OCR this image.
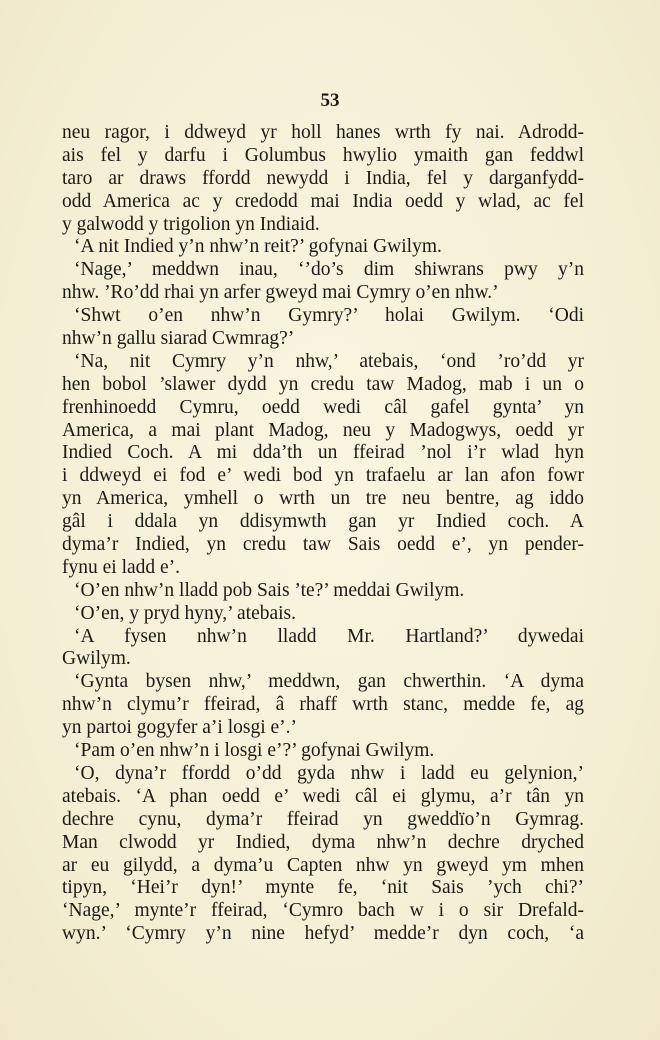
53
neu ragor, i ddweyd yr holl hanes wrth fy nai. Adrodd-
ais fel y darfu i Golumbus hwylio ymaith gan feddwl
taro ar draws ffordd newydd i India, fel y darganfydd-
odd America ac y credodd mai India oedd y wlad, ac fel
y galwodd y trigolion yn Indiaid.
‘A nit Indied y’n nhw’n reit?’ gofynai Gwilym.
‘Nage,’ meddwn inau, ‘’do’s dim shiwrans pwy y’n
nhw. ’Ro’dd rhai yn arfer gweyd mai Cymry o’en nhw.’
‘Shwt o’en nhw’n Gymry?’ holai Gwilym. ‘Odi
nhw’n gallu siarad Cwmrag?’
‘Na, nit Cymry y’n nhw,’ atebais, ‘ond ’ro’dd yr
hen bobol ’slawer dydd yn credu taw Madog, mab i un o
frenhinoedd Cymru, oedd wedi câl gafel gynta’ yn
America, a mai plant Madog, neu y Madogwys, oedd yr
Indied Coch. A mi dda’th un ffeirad ’nol i’r wlad hyn
i ddweyd ei fod e’ wedi bod yn trafaelu ar lan afon fowr
yn America, ymhell o wrth un tre neu bentre, ag iddo
gâl i ddala yn ddisymwth gan yr Indied coch. A
dyma’r Indied, yn credu taw Sais oedd e’, yn pender-
fynu ei ladd e’.
‘O’en nhw’n lladd pob Sais ’te?’ meddai Gwilym.
‘O’en, y pryd hyny,’ atebais.
‘A fysen nhw’n lladd Mr. Hartland?’ dywedai
Gwilym.
‘Gynta bysen nhw,’ meddwn, gan chwerthin. ‘A dyma
nhw’n clymu’r ffeirad, â rhaff wrth stanc, medde fe, ag
yn partoi gogyfer a’i losgi e’.’
‘Pam o’en nhw’n i losgi e’?’ gofynai Gwilym.
‘O, dyna’r ffordd o’dd gyda nhw i ladd eu gelynion,’
atebais. ‘A phan oedd e’ wedi câl ei glymu, a’r tân yn
dechre cynu, dyma’r ffeirad yn gweddïo’n Gymrag.
Man clwodd yr Indied, dyma nhw’n dechre dryched
ar eu gilydd, a dyma’u Capten nhw yn gweyd ym mhen
tipyn, ‘Hei’r dyn!’ mynte fe, ‘nit Sais ’ych chi?’
‘Nage,’ mynte’r ffeirad, ‘Cymro bach w i o sir Drefald-
wyn.’ ‘Cymry y’n nine hefyd’ medde’r dyn coch, ‘a
